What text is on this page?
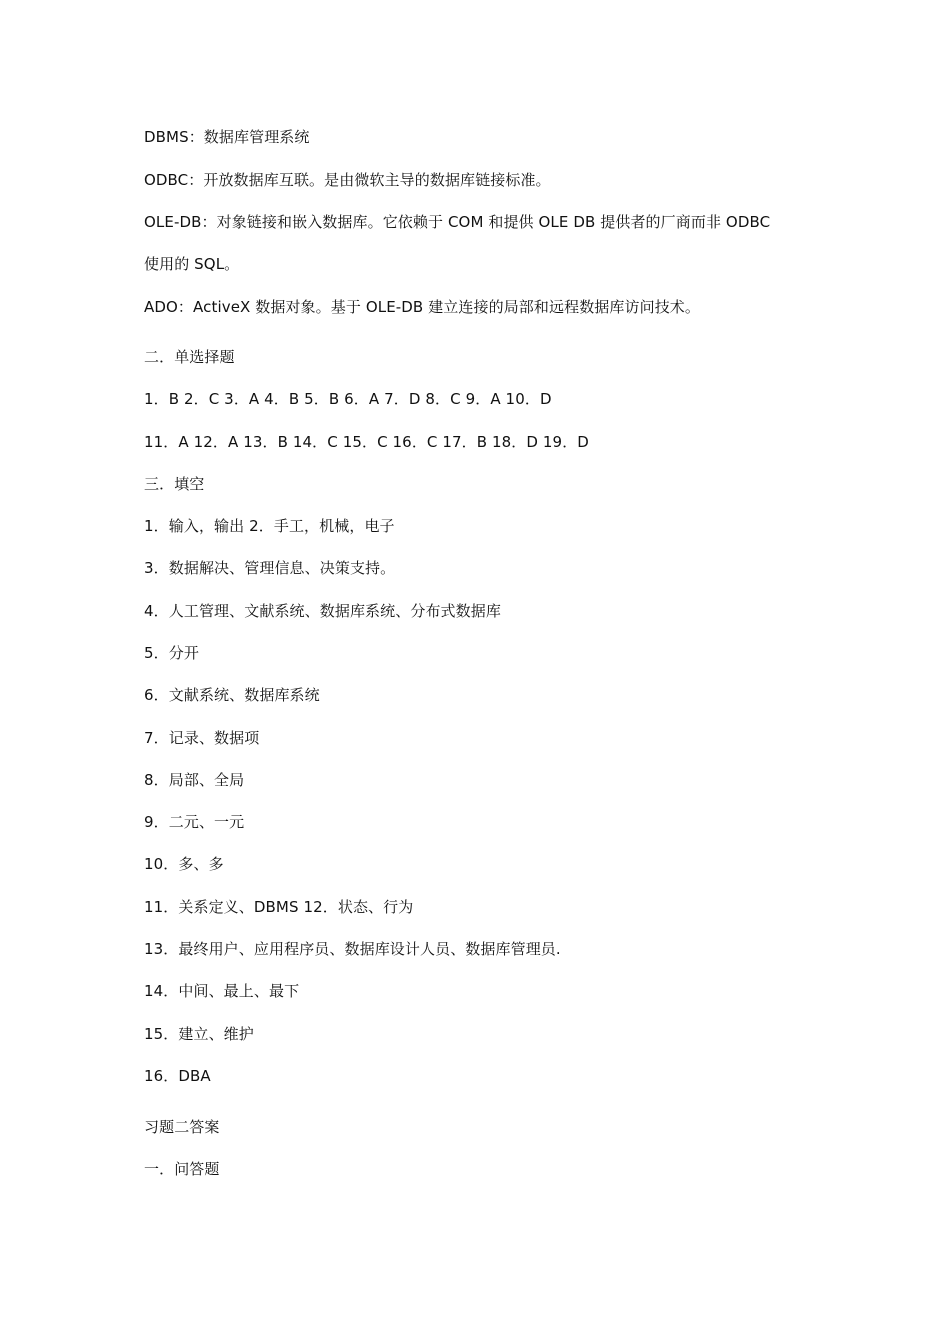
DBMS：数据库管理系统
ODBC：开放数据库互联。是由微软主导的数据库链接标准。
OLE-DB：对象链接和嵌入数据库。它依赖于 COM 和提供 OLE DB 提供者的厂商而非 ODBC
使用的 SQL。
ADO：ActiveX 数据对象。基于 OLE-DB 建立连接的局部和远程数据库访问技术。
二．单选择题
1．B 2．C 3．A 4．B 5．B 6．A 7．D 8．C 9．A 10．D
11．A 12．A 13．B 14．C 15．C 16．C 17．B 18．D 19．D
三．填空
1．输入，输出 2．手工，机械，电子
3．数据解决、管理信息、决策支持。
4．人工管理、文献系统、数据库系统、分布式数据库
5．分开
6．文献系统、数据库系统
7．记录、数据项
8．局部、全局
9．二元、一元
10．多、多
11．关系定义、DBMS 12．状态、行为
13．最终用户、应用程序员、数据库设计人员、数据库管理员.
14．中间、最上、最下
15．建立、维护
16．DBA
习题二答案
一．问答题
